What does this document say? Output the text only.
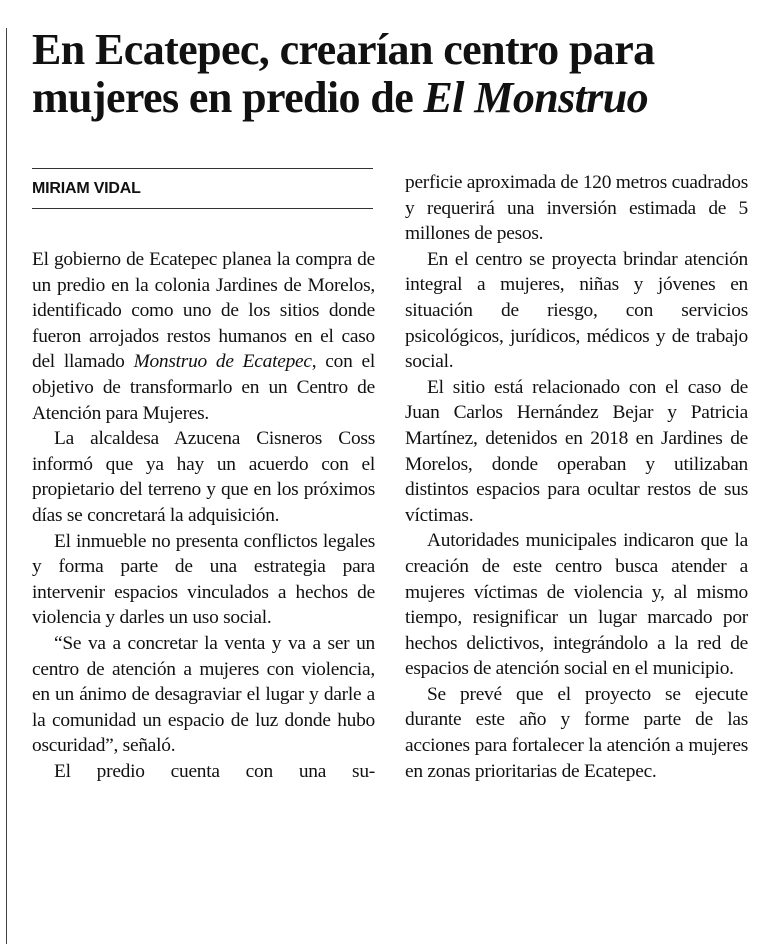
En Ecatepec, crearían centro para
mujeres en predio de El Monstruo
MIRIAM VIDAL

El gobierno de Ecatepec planea la compra de un predio en la colonia Jardines de Morelos, identificado como uno de los sitios donde fueron arrojados restos humanos en el caso del llamado Monstruo de Ecatepec, con el objetivo de transformarlo en un Centro de Atención para Mujeres.

La alcaldesa Azucena Cisneros Coss informó que ya hay un acuerdo con el propietario del terreno y que en los próximos días se concretará la adquisición.

El inmueble no presenta conflictos legales y forma parte de una estrategia para intervenir espacios vinculados a hechos de violencia y darles un uso social.

“Se va a concretar la venta y va a ser un centro de atención a mujeres con violencia, en un ánimo de desagraviar el lugar y darle a la comunidad un espacio de luz donde hubo oscuridad”, señaló.

El predio cuenta con una su-

perficie aproximada de 120 metros cuadrados y requerirá una inversión estimada de 5 millones de pesos.

En el centro se proyecta brindar atención integral a mujeres, niñas y jóvenes en situación de riesgo, con servicios psicológicos, jurídicos, médicos y de trabajo social.

El sitio está relacionado con el caso de Juan Carlos Hernández Bejar y Patricia Martínez, detenidos en 2018 en Jardines de Morelos, donde operaban y utilizaban distintos espacios para ocultar restos de sus víctimas.

Autoridades municipales indicaron que la creación de este centro busca atender a mujeres víctimas de violencia y, al mismo tiempo, resignificar un lugar marcado por hechos delictivos, integrándolo a la red de espacios de atención social en el municipio.

Se prevé que el proyecto se ejecute durante este año y forme parte de las acciones para fortalecer la atención a mujeres en zonas prioritarias de Ecatepec.
